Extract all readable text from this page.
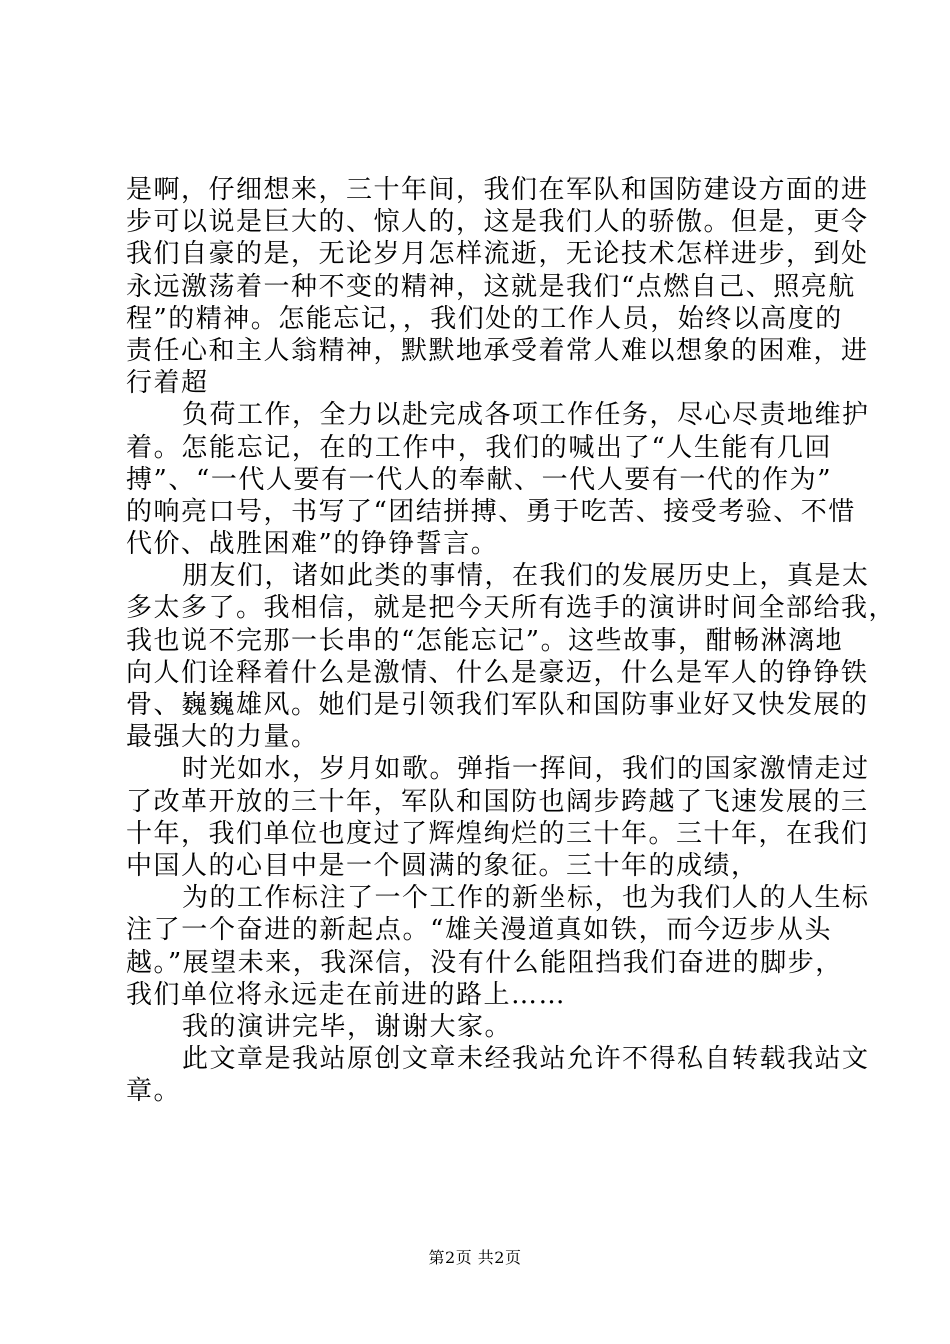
是啊，仔细想来，三十年间，我们在军队和国防建设方面的进
步可以说是巨大的、惊人的，这是我们人的骄傲。但是，更令
我们自豪的是，无论岁月怎样流逝，无论技术怎样进步，到处
永远激荡着一种不变的精神，这就是我们“点燃自己、照亮航
程”的精神。怎能忘记，，我们处的工作人员，始终以高度的
责任心和主人翁精神，默默地承受着常人难以想象的困难，进
行着超
负荷工作，全力以赴完成各项工作任务，尽心尽责地维护
着。怎能忘记，在的工作中，我们的喊出了“人生能有几回
搏”、“一代人要有一代人的奉献、一代人要有一代的作为”
的响亮口号，书写了“团结拼搏、勇于吃苦、接受考验、不惜
代价、战胜困难”的铮铮誓言。
朋友们，诸如此类的事情，在我们的发展历史上，真是太
多太多了。我相信，就是把今天所有选手的演讲时间全部给我，
我也说不完那一长串的“怎能忘记”。这些故事，酣畅淋漓地
向人们诠释着什么是激情、什么是豪迈，什么是军人的铮铮铁
骨、巍巍雄风。她们是引领我们军队和国防事业好又快发展的
最强大的力量。
时光如水，岁月如歌。弹指一挥间，我们的国家激情走过
了改革开放的三十年，军队和国防也阔步跨越了飞速发展的三
十年，我们单位也度过了辉煌绚烂的三十年。三十年，在我们
中国人的心目中是一个圆满的象征。三十年的成绩，
为的工作标注了一个工作的新坐标，也为我们人的人生标
注了一个奋进的新起点。“雄关漫道真如铁，而今迈步从头
越。”展望未来，我深信，没有什么能阻挡我们奋进的脚步，
我们单位将永远走在前进的路上……
我的演讲完毕，谢谢大家。
此文章是我站原创文章未经我站允许不得私自转载我站文
章。
第2页 共2页
